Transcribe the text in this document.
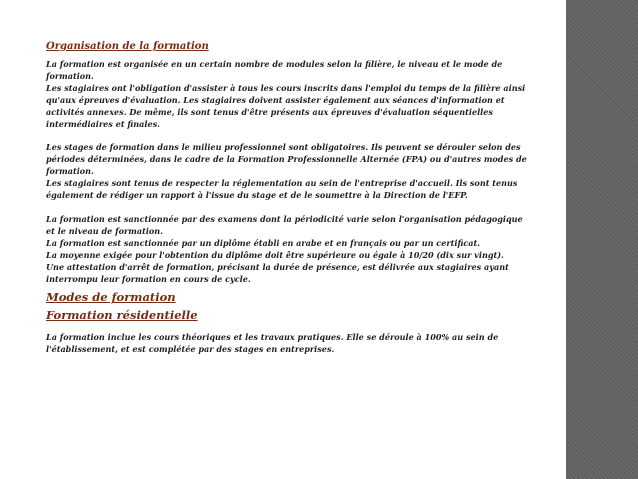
Organisation de la formation
La formation est organisée en un certain nombre de modules selon la filière, le niveau et le mode de
formation.
Les stagiaires ont l'obligation d'assister à tous les cours inscrits dans l'emploi du temps de la filière ainsi
qu'aux épreuves d'évaluation. Les stagiaires doivent assister également aux séances d'information et
activités annexes. De même, ils sont tenus d'être présents aux épreuves d'évaluation séquentielles
intermédiaires et finales.
Les stages de formation dans le milieu professionnel sont obligatoires. Ils peuvent se dérouler selon des
périodes déterminées, dans le cadre de la Formation Professionnelle Alternée (FPA) ou d'autres modes de
formation.
Les stagiaires sont tenus de respecter la réglementation au sein de l'entreprise d'accueil. Ils sont tenus
également de rédiger un rapport à l'issue du stage et de le soumettre à la Direction de l'EFP.
La formation est sanctionnée par des examens dont la périodicité varie selon l'organisation pédagogique
et le niveau de formation.
La formation est sanctionnée par un diplôme établi en arabe et en français ou par un certificat.
La moyenne exigée pour l'obtention du diplôme doit être supérieure ou égale à 10/20 (dix sur vingt).
Une attestation d'arrêt de formation, précisant la durée de présence, est délivrée aux stagiaires ayant
interrompu leur formation en cours de cycle.
Modes de formation
Formation résidentielle
La formation inclue les cours théoriques et les travaux pratiques. Elle se déroule à 100% au sein de
l'établissement, et est complétée par des stages en entreprises.
